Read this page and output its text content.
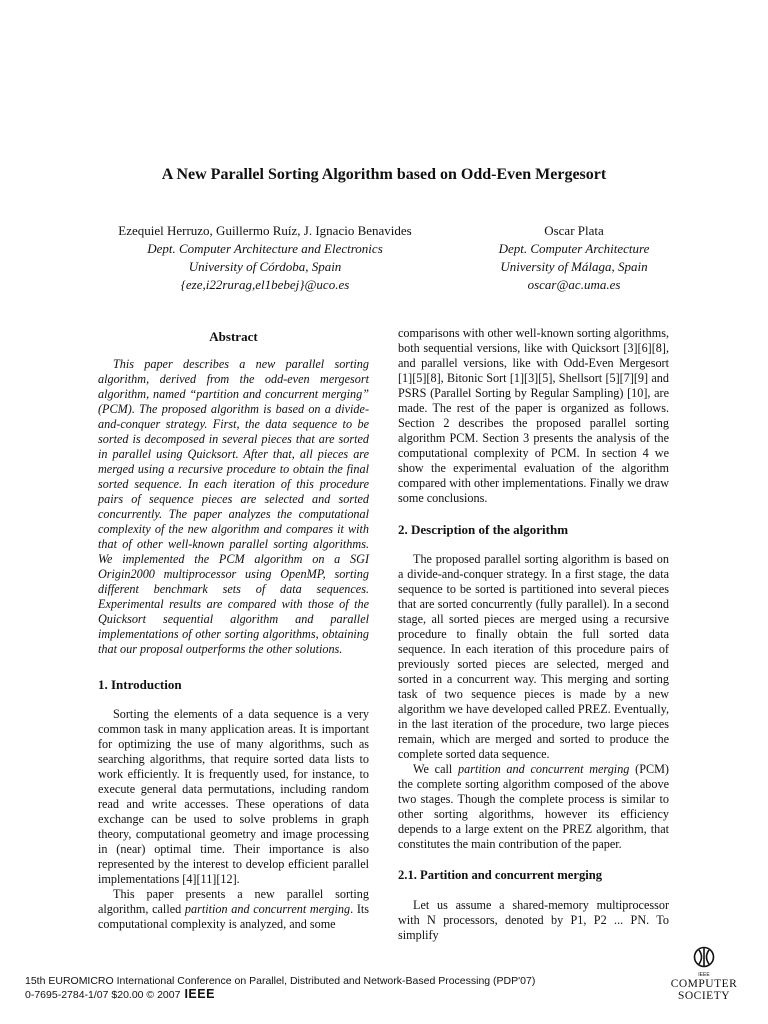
A New Parallel Sorting Algorithm based on Odd-Even Mergesort
Ezequiel Herruzo, Guillermo Ruíz, J. Ignacio Benavides
Dept. Computer Architecture and Electronics
University of Córdoba, Spain
{eze,i22rurag,el1bebej}@uco.es
Oscar Plata
Dept. Computer Architecture
University of Málaga, Spain
oscar@ac.uma.es
Abstract

This paper describes a new parallel sorting algorithm, derived from the odd-even mergesort algorithm, named “partition and concurrent merging” (PCM). The proposed algorithm is based on a divide-and-conquer strategy. First, the data sequence to be sorted is decomposed in several pieces that are sorted in parallel using Quicksort. After that, all pieces are merged using a recursive procedure to obtain the final sorted sequence. In each iteration of this procedure pairs of sequence pieces are selected and sorted concurrently. The paper analyzes the computational complexity of the new algorithm and compares it with that of other well-known parallel sorting algorithms. We implemented the PCM algorithm on a SGI Origin2000 multiprocessor using OpenMP, sorting different benchmark sets of data sequences. Experimental results are compared with those of the Quicksort sequential algorithm and parallel implementations of other sorting algorithms, obtaining that our proposal outperforms the other solutions.

1. Introduction

Sorting the elements of a data sequence is a very common task in many application areas. It is important for optimizing the use of many algorithms, such as searching algorithms, that require sorted data lists to work efficiently. It is frequently used, for instance, to execute general data permutations, including random read and write accesses. These operations of data exchange can be used to solve problems in graph theory, computational geometry and image processing in (near) optimal time. Their importance is also represented by the interest to develop efficient parallel implementations [4][11][12].

This paper presents a new parallel sorting algorithm, called partition and concurrent merging. Its computational complexity is analyzed, and some

comparisons with other well-known sorting algorithms, both sequential versions, like with Quicksort [3][6][8], and parallel versions, like with Odd-Even Mergesort [1][5][8], Bitonic Sort [1][3][5], Shellsort [5][7][9] and PSRS (Parallel Sorting by Regular Sampling) [10], are made. The rest of the paper is organized as follows. Section 2 describes the proposed parallel sorting algorithm PCM. Section 3 presents the analysis of the computational complexity of PCM. In section 4 we show the experimental evaluation of the algorithm compared with other implementations. Finally we draw some conclusions.

2. Description of the algorithm

The proposed parallel sorting algorithm is based on a divide-and-conquer strategy. In a first stage, the data sequence to be sorted is partitioned into several pieces that are sorted concurrently (fully parallel). In a second stage, all sorted pieces are merged using a recursive procedure to finally obtain the full sorted data sequence. In each iteration of this procedure pairs of previously sorted pieces are selected, merged and sorted in a concurrent way. This merging and sorting task of two sequence pieces is made by a new algorithm we have developed called PREZ. Eventually, in the last iteration of the procedure, two large pieces remain, which are merged and sorted to produce the complete sorted data sequence.

We call partition and concurrent merging (PCM) the complete sorting algorithm composed of the above two stages. Though the complete process is similar to other sorting algorithms, however its efficiency depends to a large extent on the PREZ algorithm, that constitutes the main contribution of the paper.

2.1. Partition and concurrent merging

Let us assume a shared-memory multiprocessor with N processors, denoted by P1, P2 ... PN. To simplify

15th EUROMICRO International Conference on Parallel, Distributed and Network-Based Processing (PDP'07)
0-7695-2784-1/07 $20.00 © 2007 IEEE
IEEE
COMPUTER
SOCIETY
